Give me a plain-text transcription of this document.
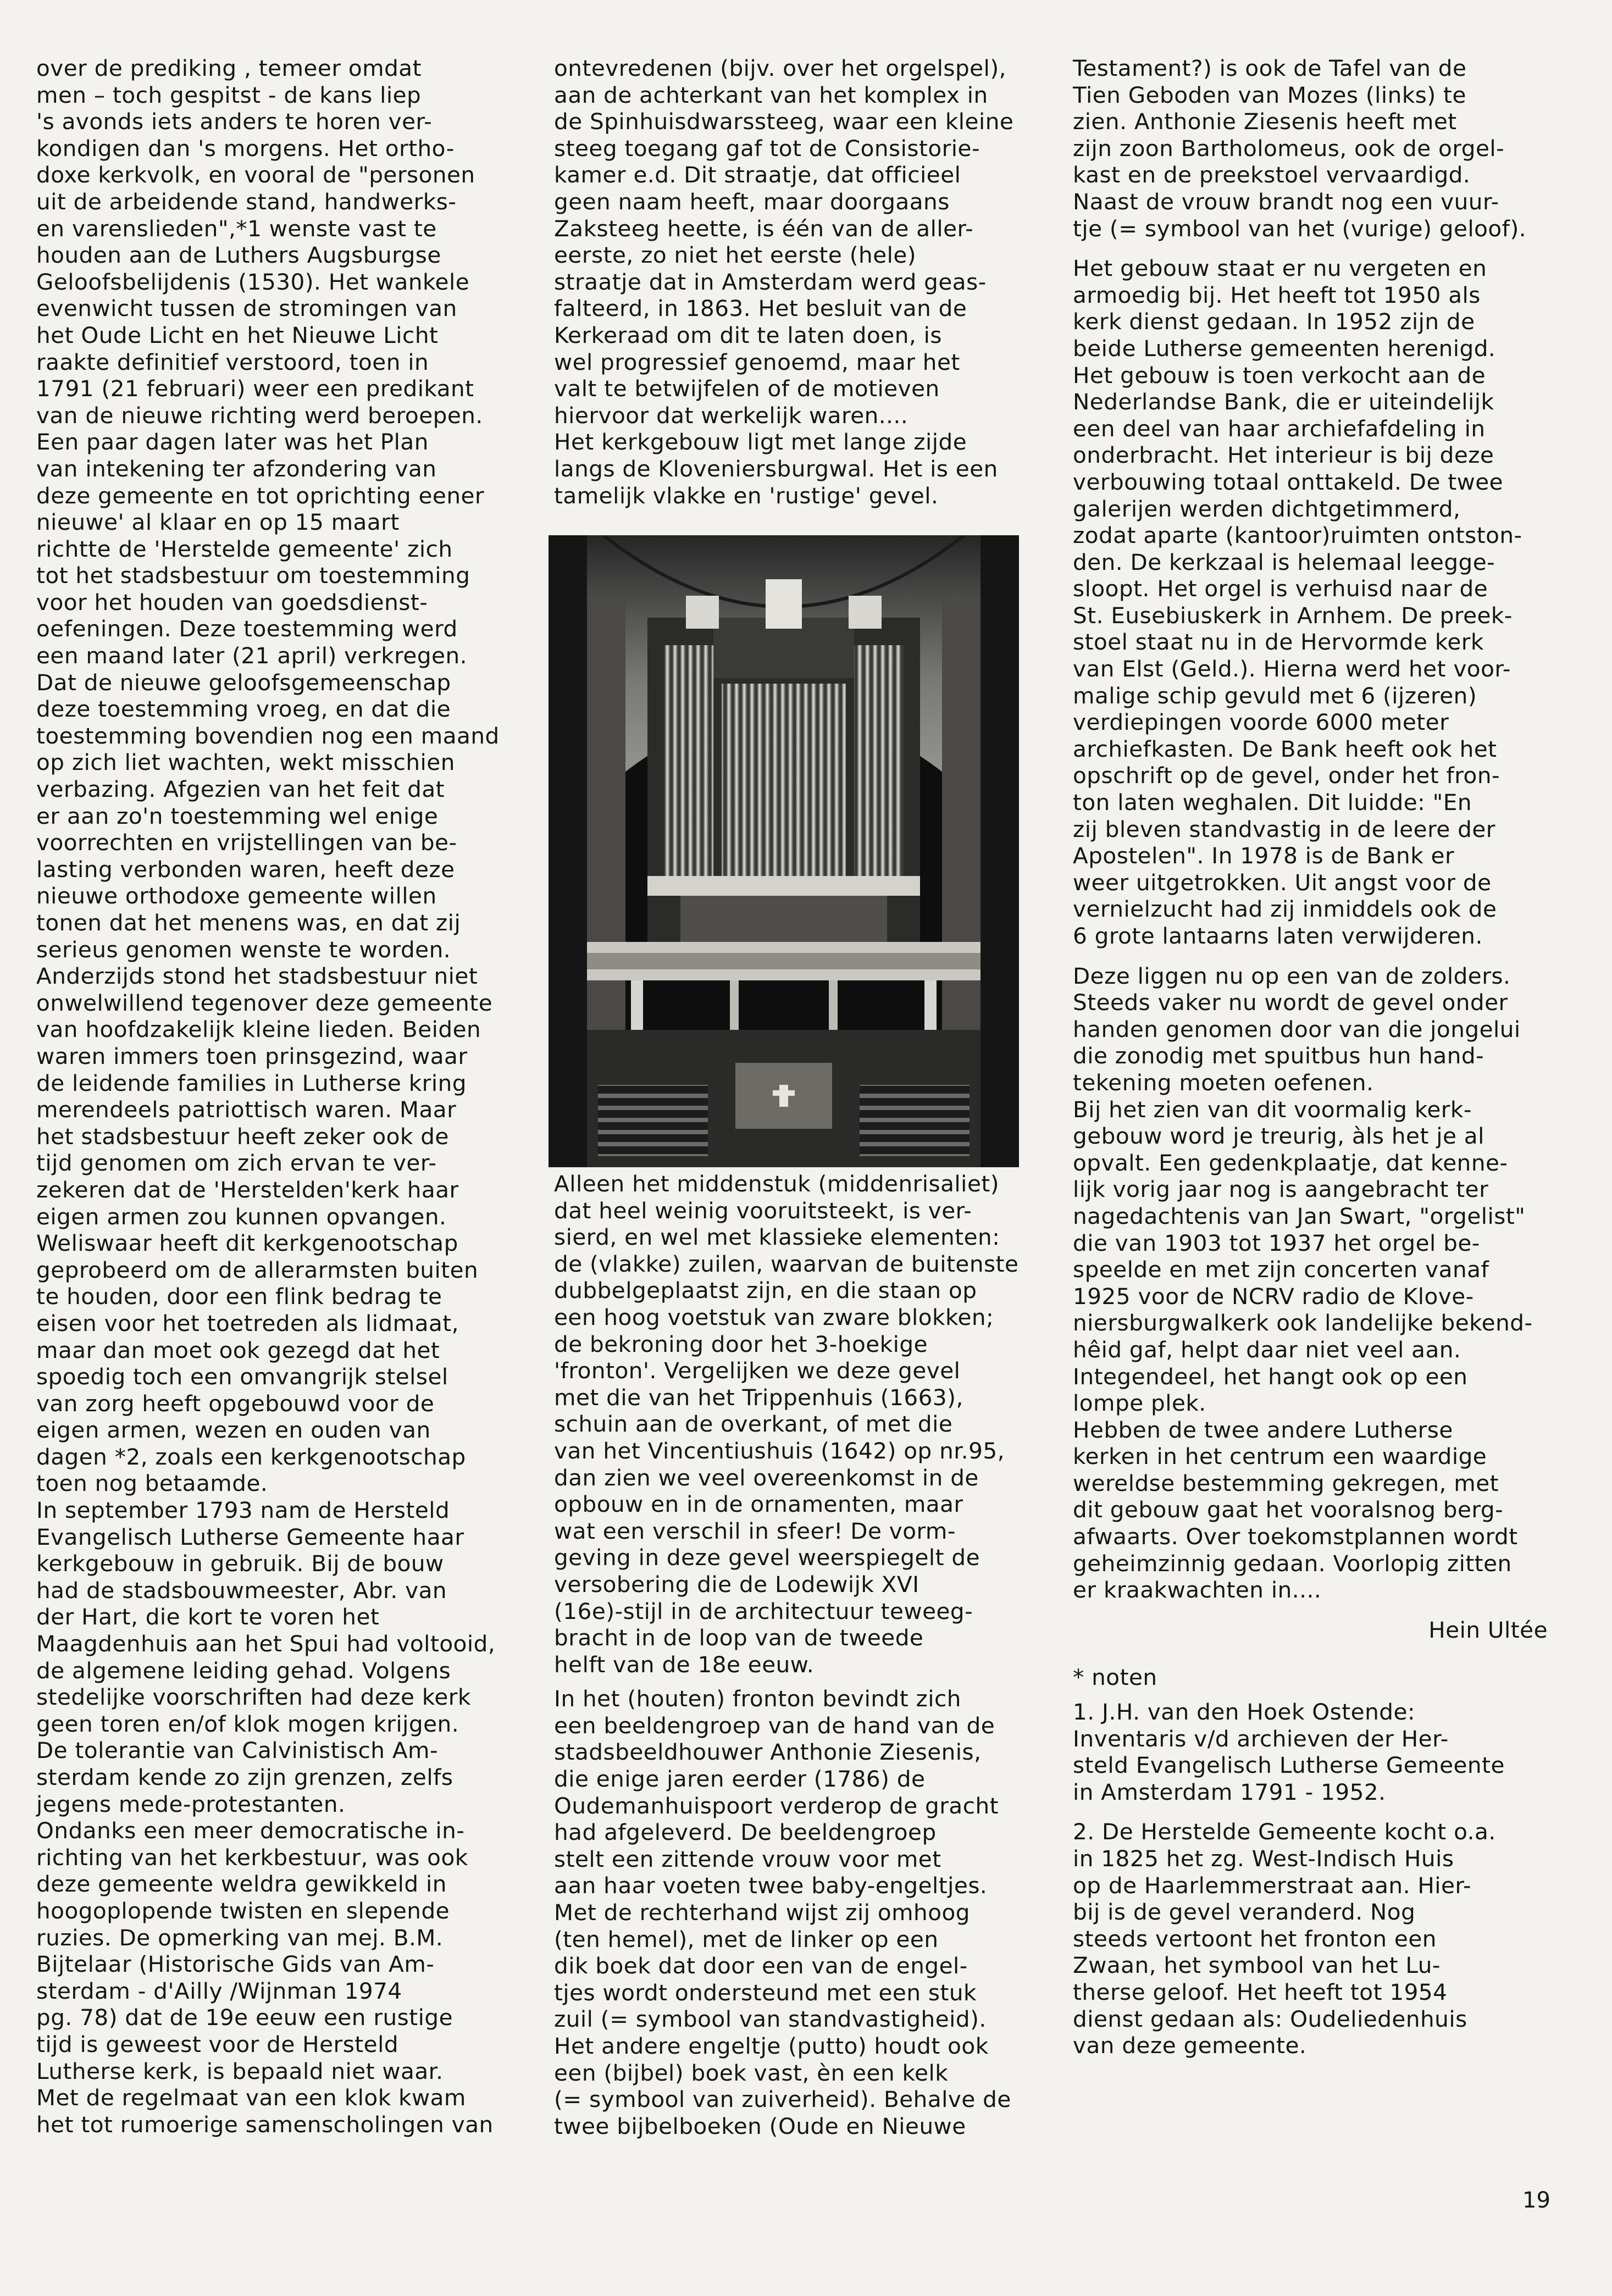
over de prediking , temeer omdat
men – toch gespitst - de kans liep
's avonds iets anders te horen ver-
kondigen dan 's morgens. Het ortho-
doxe kerkvolk, en vooral de "personen
uit de arbeidende stand, handwerks-
en varenslieden",*1 wenste vast te
houden aan de Luthers Augsburgse
Geloofsbelijdenis (1530). Het wankele
evenwicht tussen de stromingen van
het Oude Licht en het Nieuwe Licht
raakte definitief verstoord, toen in
1791 (21 februari) weer een predikant
van de nieuwe richting werd beroepen.
Een paar dagen later was het Plan
van intekening ter afzondering van
deze gemeente en tot oprichting eener
nieuwe' al klaar en op 15 maart
richtte de 'Herstelde gemeente' zich
tot het stadsbestuur om toestemming
voor het houden van goedsdienst-
oefeningen. Deze toestemming werd
een maand later (21 april) verkregen.
Dat de nieuwe geloofsgemeenschap
deze toestemming vroeg, en dat die
toestemming bovendien nog een maand
op zich liet wachten, wekt misschien
verbazing. Afgezien van het feit dat
er aan zo'n toestemming wel enige
voorrechten en vrijstellingen van be-
lasting verbonden waren, heeft deze
nieuwe orthodoxe gemeente willen
tonen dat het menens was, en dat zij
serieus genomen wenste te worden.
Anderzijds stond het stadsbestuur niet
onwelwillend tegenover deze gemeente
van hoofdzakelijk kleine lieden. Beiden
waren immers toen prinsgezind, waar
de leidende families in Lutherse kring
merendeels patriottisch waren. Maar
het stadsbestuur heeft zeker ook de
tijd genomen om zich ervan te ver-
zekeren dat de 'Herstelden'kerk haar
eigen armen zou kunnen opvangen.
Weliswaar heeft dit kerkgenootschap
geprobeerd om de allerarmsten buiten
te houden, door een flink bedrag te
eisen voor het toetreden als lidmaat,
maar dan moet ook gezegd dat het
spoedig toch een omvangrijk stelsel
van zorg heeft opgebouwd voor de
eigen armen, wezen en ouden van
dagen *2, zoals een kerkgenootschap
toen nog betaamde.
In september 1793 nam de Hersteld
Evangelisch Lutherse Gemeente haar
kerkgebouw in gebruik. Bij de bouw
had de stadsbouwmeester, Abr. van
der Hart, die kort te voren het
Maagdenhuis aan het Spui had voltooid,
de algemene leiding gehad. Volgens
stedelijke voorschriften had deze kerk
geen toren en/of klok mogen krijgen.
De tolerantie van Calvinistisch Am-
sterdam kende zo zijn grenzen, zelfs
jegens mede-protestanten.
Ondanks een meer democratische in-
richting van het kerkbestuur, was ook
deze gemeente weldra gewikkeld in
hoogoplopende twisten en slepende
ruzies. De opmerking van mej. B.M.
Bijtelaar (Historische Gids van Am-
sterdam - d'Ailly /Wijnman 1974
pg. 78) dat de 19e eeuw een rustige
tijd is geweest voor de Hersteld
Lutherse kerk, is bepaald niet waar.
Met de regelmaat van een klok kwam
het tot rumoerige samenscholingen van
ontevredenen (bijv. over het orgelspel),
aan de achterkant van het komplex in
de Spinhuisdwarssteeg, waar een kleine
steeg toegang gaf tot de Consistorie-
kamer e.d. Dit straatje, dat officieel
geen naam heeft, maar doorgaans
Zaksteeg heette, is één van de aller-
eerste, zo niet het eerste (hele)
straatje dat in Amsterdam werd geas-
falteerd, in 1863. Het besluit van de
Kerkeraad om dit te laten doen, is
wel progressief genoemd, maar het
valt te betwijfelen of de motieven
hiervoor dat werkelijk waren....
Het kerkgebouw ligt met lange zijde
langs de Kloveniersburgwal. Het is een
tamelijk vlakke en 'rustige' gevel.
Alleen het middenstuk (middenrisaliet)
dat heel weinig vooruitsteekt, is ver-
sierd, en wel met klassieke elementen:
de (vlakke) zuilen, waarvan de buitenste
dubbelgeplaatst zijn, en die staan op
een hoog voetstuk van zware blokken;
de bekroning door het 3-hoekige
'fronton'. Vergelijken we deze gevel
met die van het Trippenhuis (1663),
schuin aan de overkant, of met die
van het Vincentiushuis (1642) op nr.95,
dan zien we veel overeenkomst in de
opbouw en in de ornamenten, maar
wat een verschil in sfeer! De vorm-
geving in deze gevel weerspiegelt de
versobering die de Lodewijk XVI
(16e)-stijl in de architectuur teweeg-
bracht in de loop van de tweede
helft van de 18e eeuw.
In het (houten) fronton bevindt zich
een beeldengroep van de hand van de
stadsbeeldhouwer Anthonie Ziesenis,
die enige jaren eerder (1786) de
Oudemanhuispoort verderop de gracht
had afgeleverd. De beeldengroep
stelt een zittende vrouw voor met
aan haar voeten twee baby-engeltjes.
Met de rechterhand wijst zij omhoog
(ten hemel), met de linker op een
dik boek dat door een van de engel-
tjes wordt ondersteund met een stuk
zuil (= symbool van standvastigheid).
Het andere engeltje (putto) houdt ook
een (bijbel) boek vast, èn een kelk
(= symbool van zuiverheid). Behalve de
twee bijbelboeken (Oude en Nieuwe
Testament?) is ook de Tafel van de
Tien Geboden van Mozes (links) te
zien. Anthonie Ziesenis heeft met
zijn zoon Bartholomeus, ook de orgel-
kast en de preekstoel vervaardigd.
Naast de vrouw brandt nog een vuur-
tje (= symbool van het (vurige) geloof).
Het gebouw staat er nu vergeten en
armoedig bij. Het heeft tot 1950 als
kerk dienst gedaan. In 1952 zijn de
beide Lutherse gemeenten herenigd.
Het gebouw is toen verkocht aan de
Nederlandse Bank, die er uiteindelijk
een deel van haar archiefafdeling in
onderbracht. Het interieur is bij deze
verbouwing totaal onttakeld. De twee
galerijen werden dichtgetimmerd,
zodat aparte (kantoor)ruimten ontston-
den. De kerkzaal is helemaal leegge-
sloopt. Het orgel is verhuisd naar de
St. Eusebiuskerk in Arnhem. De preek-
stoel staat nu in de Hervormde kerk
van Elst (Geld.). Hierna werd het voor-
malige schip gevuld met 6 (ijzeren)
verdiepingen voorde 6000 meter
archiefkasten. De Bank heeft ook het
opschrift op de gevel, onder het fron-
ton laten weghalen. Dit luidde: "En
zij bleven standvastig in de leere der
Apostelen". In 1978 is de Bank er
weer uitgetrokken. Uit angst voor de
vernielzucht had zij inmiddels ook de
6 grote lantaarns laten verwijderen.
Deze liggen nu op een van de zolders.
Steeds vaker nu wordt de gevel onder
handen genomen door van die jongelui
die zonodig met spuitbus hun hand-
tekening moeten oefenen.
Bij het zien van dit voormalig kerk-
gebouw word je treurig, àls het je al
opvalt. Een gedenkplaatje, dat kenne-
lijk vorig jaar nog is aangebracht ter
nagedachtenis van Jan Swart, "orgelist"
die van 1903 tot 1937 het orgel be-
speelde en met zijn concerten vanaf
1925 voor de NCRV radio de Klove-
niersburgwalkerk ook landelijke bekend-
hêid gaf, helpt daar niet veel aan.
Integendeel, het hangt ook op een
lompe plek.
Hebben de twee andere Lutherse
kerken in het centrum een waardige
wereldse bestemming gekregen, met
dit gebouw gaat het vooralsnog berg-
afwaarts. Over toekomstplannen wordt
geheimzinnig gedaan. Voorlopig zitten
er kraakwachten in....
Hein Ultée
* noten
1. J.H. van den Hoek Ostende:
Inventaris v/d archieven der Her-
steld Evangelisch Lutherse Gemeente
in Amsterdam 1791 - 1952.
2. De Herstelde Gemeente kocht o.a.
in 1825 het zg. West-Indisch Huis
op de Haarlemmerstraat aan. Hier-
bij is de gevel veranderd. Nog
steeds vertoont het fronton een
Zwaan, het symbool van het Lu-
therse geloof. Het heeft tot 1954
dienst gedaan als: Oudeliedenhuis
van deze gemeente.
19
